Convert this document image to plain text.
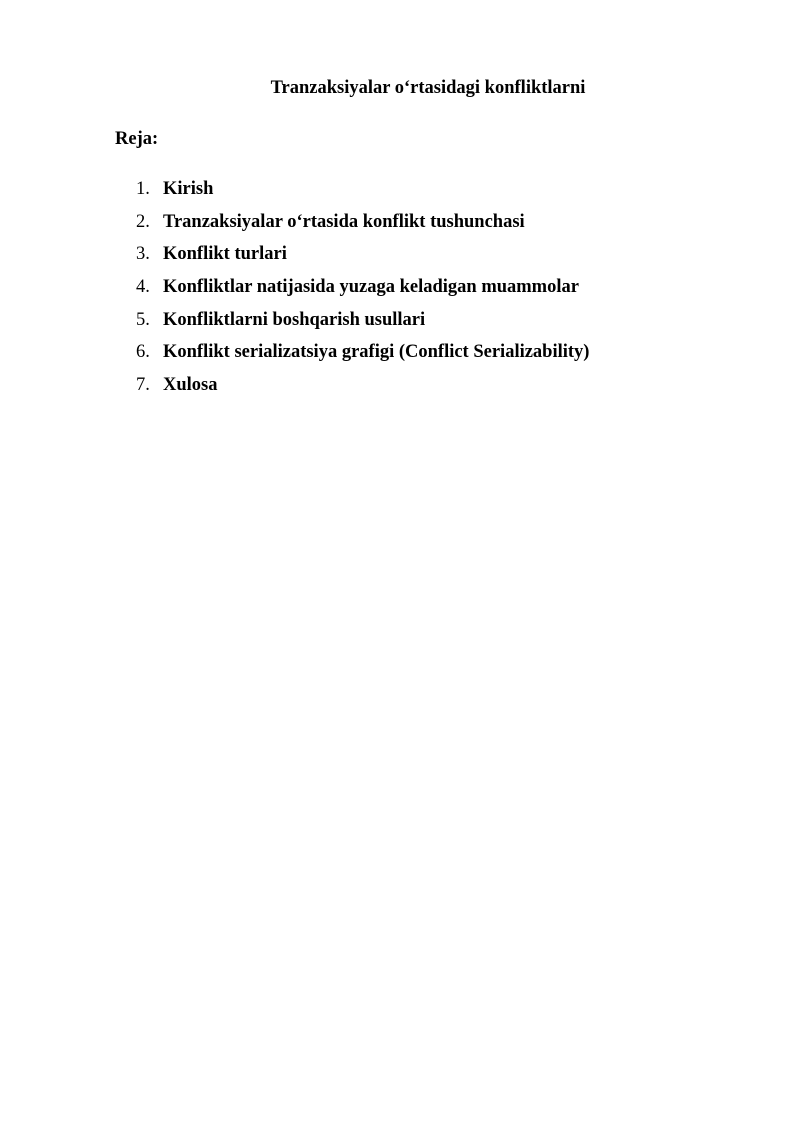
Tranzaksiyalar o‘rtasidagi konfliktlarni
Reja:
1. Kirish
2. Tranzaksiyalar o‘rtasida konflikt tushunchasi
3. Konflikt turlari
4. Konfliktlar natijasida yuzaga keladigan muammolar
5. Konfliktlarni boshqarish usullari
6. Konflikt serializatsiya grafigi (Conflict Serializability)
7. Xulosa
